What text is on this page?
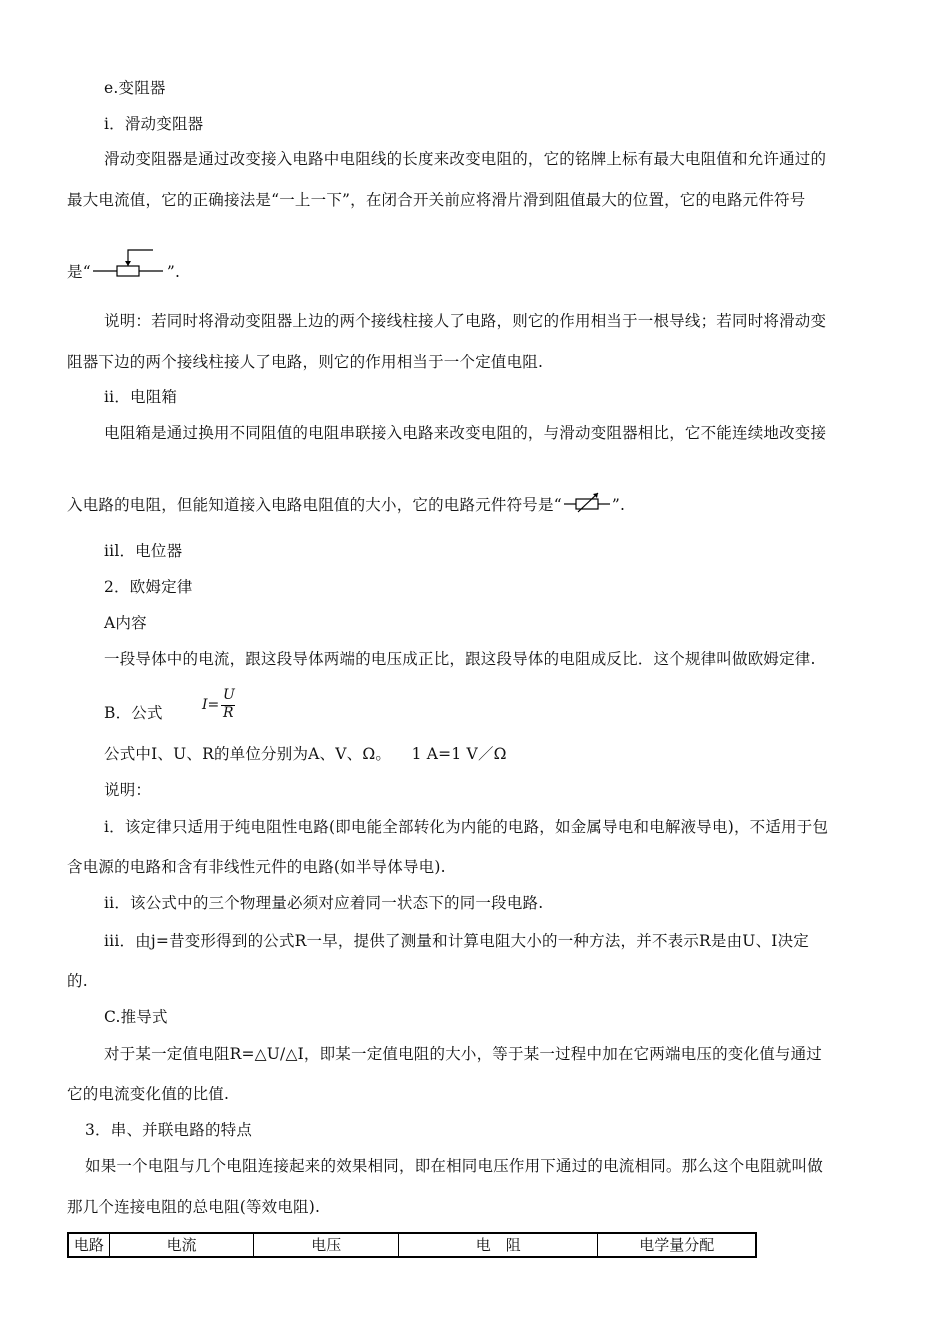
e.变阻器
i．滑动变阻器
滑动变阻器是通过改变接入电路中电阻线的长度来改变电阻的，它的铭牌上标有最大电阻值和允许通过的
最大电流值，它的正确接法是“一上一下”，在闭合开关前应将滑片滑到阻值最大的位置，它的电路元件符号
是“	”.
说明：若同时将滑动变阻器上边的两个接线柱接人了电路，则它的作用相当于一根导线；若同时将滑动变
阻器下边的两个接线柱接人了电路，则它的作用相当于一个定值电阻.
ii．电阻箱
电阻箱是通过换用不同阻值的电阻串联接入电路来改变电阻的，与滑动变阻器相比，它不能连续地改变接
入电路的电阻，但能知道接入电路电阻值的大小，它的电路元件符号是“	”.
iil．电位器
2．欧姆定律
A内容
一段导体中的电流，跟这段导体两端的电压成正比，跟这段导体的电阻成反比．这个规律叫做欧姆定律.
B．公式	I=
U
R
公式中I、U、R的单位分别为A、V、Ω。    1 A=1 V／Ω
说明：
i．该定律只适用于纯电阻性电路(即电能全部转化为内能的电路，如金属导电和电解液导电)，不适用于包
含电源的电路和含有非线性元件的电路(如半导体导电).
ii．该公式中的三个物理量必须对应着同一状态下的同一段电路.
iii．由j=昔变形得到的公式R一早，提供了测量和计算电阻大小的一种方法，并不表示R是由U、I决定
的.
C.推导式
对于某一定值电阻R=△U/△I，即某一定值电阻的大小，等于某一过程中加在它两端电压的变化值与通过
它的电流变化值的比值.
3．串、并联电路的特点
如果一个电阻与几个电阻连接起来的效果相同，即在相同电压作用下通过的电流相同。那么这个电阻就叫做
那几个连接电阻的总电阻(等效电阻).
电路	电流	电压	电　阻	电学量分配
